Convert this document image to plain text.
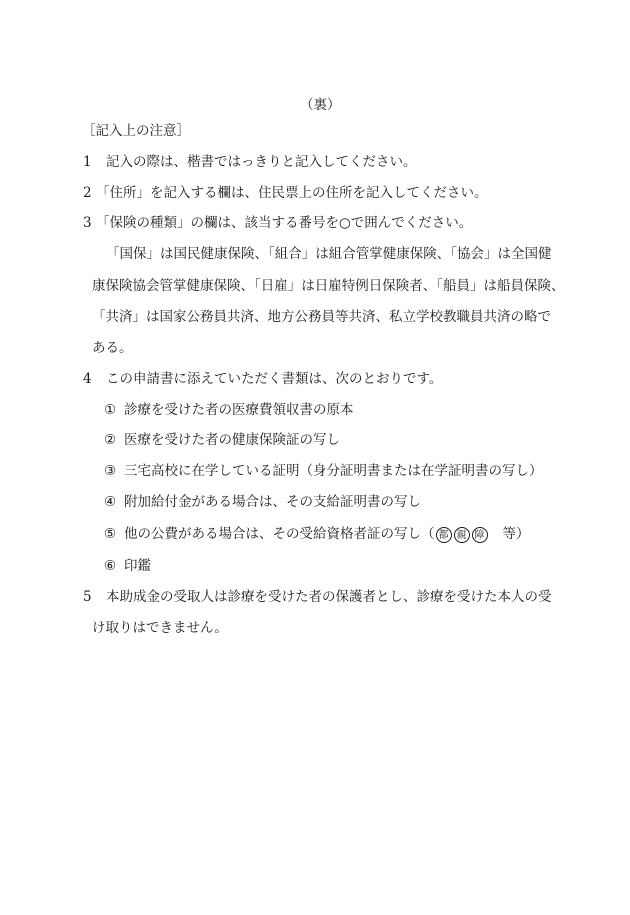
（裏）
［記入上の注意］
1 記入の際は、楷書ではっきりと記入してください。
2 「住所」を記入する欄は、住民票上の住所を記入してください。
3 「保険の種類」の欄は、該当する番号を○で囲んでください。
「国保」は国民健康保険、「組合」は組合管掌健康保険、「協会」は全国健
康保険協会管掌健康保険、「日雇」は日雇特例日保険者、「船員」は船員保険、
「共済」は国家公務員共済、地方公務員等共済、私立学校教職員共済の略で
ある。
4 この申請書に添えていただく書類は、次のとおりです。
① 診療を受けた者の医療費領収書の原本
② 医療を受けた者の健康保険証の写し
③ 三宅高校に在学している証明（身分証明書または在学証明書の写し）
④ 附加給付金がある場合は、その支給証明書の写し
⑤ 他の公費がある場合は、その受給資格者証の写し（ 都 親 障 等）
⑥ 印鑑
5 本助成金の受取人は診療を受けた者の保護者とし、診療を受けた本人の受
け取りはできません。
